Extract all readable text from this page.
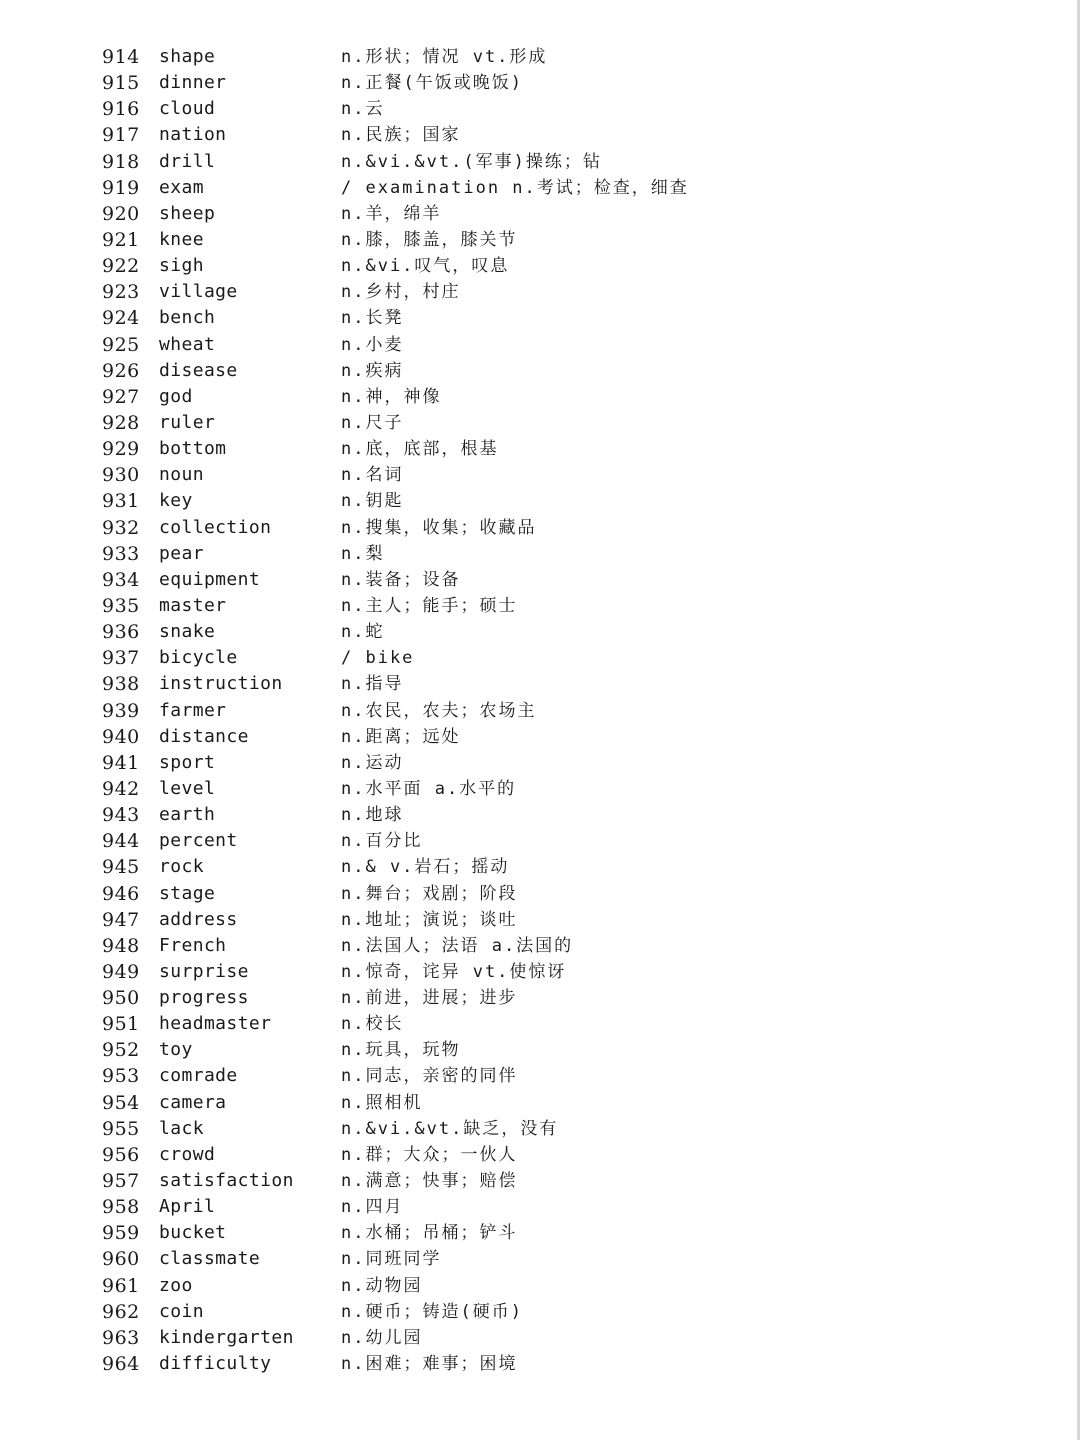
914 shape	n.形状；情况 vt.形成
915 dinner	n.正餐(午饭或晚饭)
916 cloud	n.云
917 nation	n.民族；国家
918 drill	n.&vi.&vt.(军事)操练；钻
919 exam	/ examination n.考试；检查，细查
920 sheep	n.羊，绵羊
921 knee	n.膝，膝盖，膝关节
922 sigh	n.&vi.叹气，叹息
923 village	n.乡村，村庄
924 bench	n.长凳
925 wheat	n.小麦
926 disease	n.疾病
927 god	n.神，神像
928 ruler	n.尺子
929 bottom	n.底，底部，根基
930 noun	n.名词
931 key	n.钥匙
932 collection	n.搜集，收集；收藏品
933 pear	n.梨
934 equipment	n.装备；设备
935 master	n.主人；能手；硕士
936 snake	n.蛇
937 bicycle	/ bike
938 instruction	n.指导
939 farmer	n.农民，农夫；农场主
940 distance	n.距离；远处
941 sport	n.运动
942 level	n.水平面 a.水平的
943 earth	n.地球
944 percent	n.百分比
945 rock	n.& v.岩石；摇动
946 stage	n.舞台；戏剧；阶段
947 address	n.地址；演说；谈吐
948 French	n.法国人；法语 a.法国的
949 surprise	n.惊奇，诧异 vt.使惊讶
950 progress	n.前进，进展；进步
951 headmaster	n.校长
952 toy	n.玩具，玩物
953 comrade	n.同志，亲密的同伴
954 camera	n.照相机
955 lack	n.&vi.&vt.缺乏，没有
956 crowd	n.群；大众；一伙人
957 satisfaction	n.满意；快事；赔偿
958 April	n.四月
959 bucket	n.水桶；吊桶；铲斗
960 classmate	n.同班同学
961 zoo	n.动物园
962 coin	n.硬币；铸造(硬币)
963 kindergarten	n.幼儿园
964 difficulty	n.困难；难事；困境
